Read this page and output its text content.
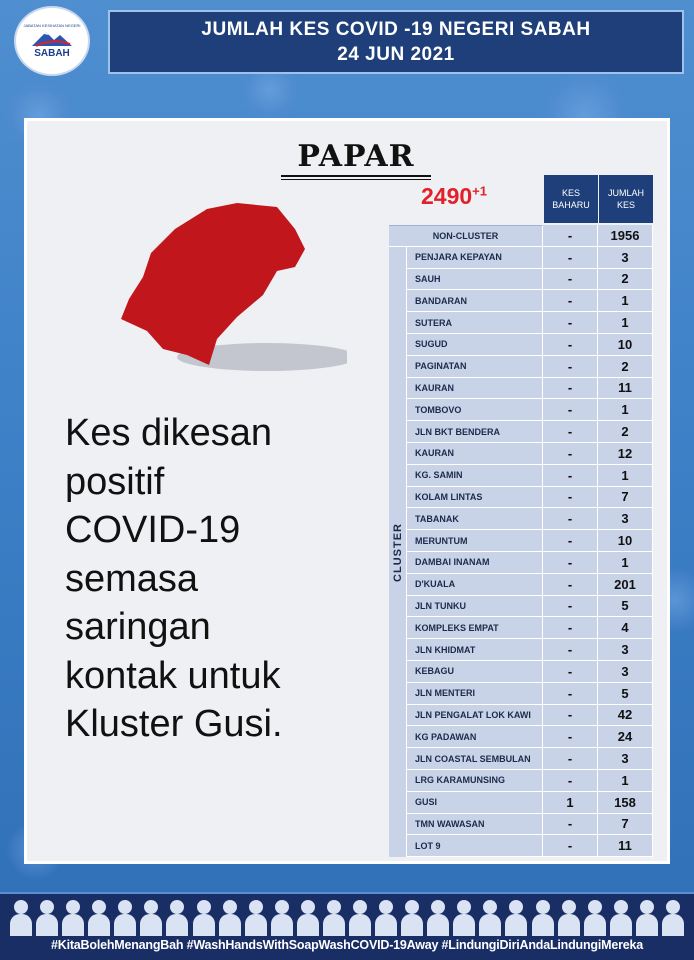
JABATAN KESIHATAN NEGERI
SABAH
JUMLAH KES COVID -19 NEGERI SABAH
24 JUN 2021
PAPAR
Kes dikesan
positif
COVID-19
semasa
saringan
kontak untuk
Kluster Gusi.
$2490^{+1}$	KES BAHARU
JUMLAH KES
NON-CLUSTER	-	1956
PENJARA KEPAYAN	-	3
SAUH	-	2
BANDARAN	-	1
SUTERA	-	1
SUGUD	-	10
PAGINATAN	-	2
KAURAN	-	11
TOMBOVO	-	1
JLN BKT BENDERA	-	2
KAURAN	-	12
KG. SAMIN	-	1
KOLAM LINTAS	-	7
TABANAK	-	3
MERUNTUM	-	10
DAMBAI INANAM	-	1
D'KUALA	-	201
JLN TUNKU	-	5
KOMPLEKS EMPAT	-	4
JLN KHIDMAT	-	3
KEBAGU	-	3
JLN MENTERI	-	5
JLN PENGALAT LOK KAWI	-	42
KG PADAWAN	-	24
JLN COASTAL SEMBULAN	-	3
LRG KARAMUNSING	-	1
GUSI	1	158
TMN WAWASAN	-	7
LOT 9	-	11
CLUSTER
#KitaBolehMenangBah #WashHandsWithSoapWashCOVID-19Away #LindungiDiriAndaLindungiMereka
